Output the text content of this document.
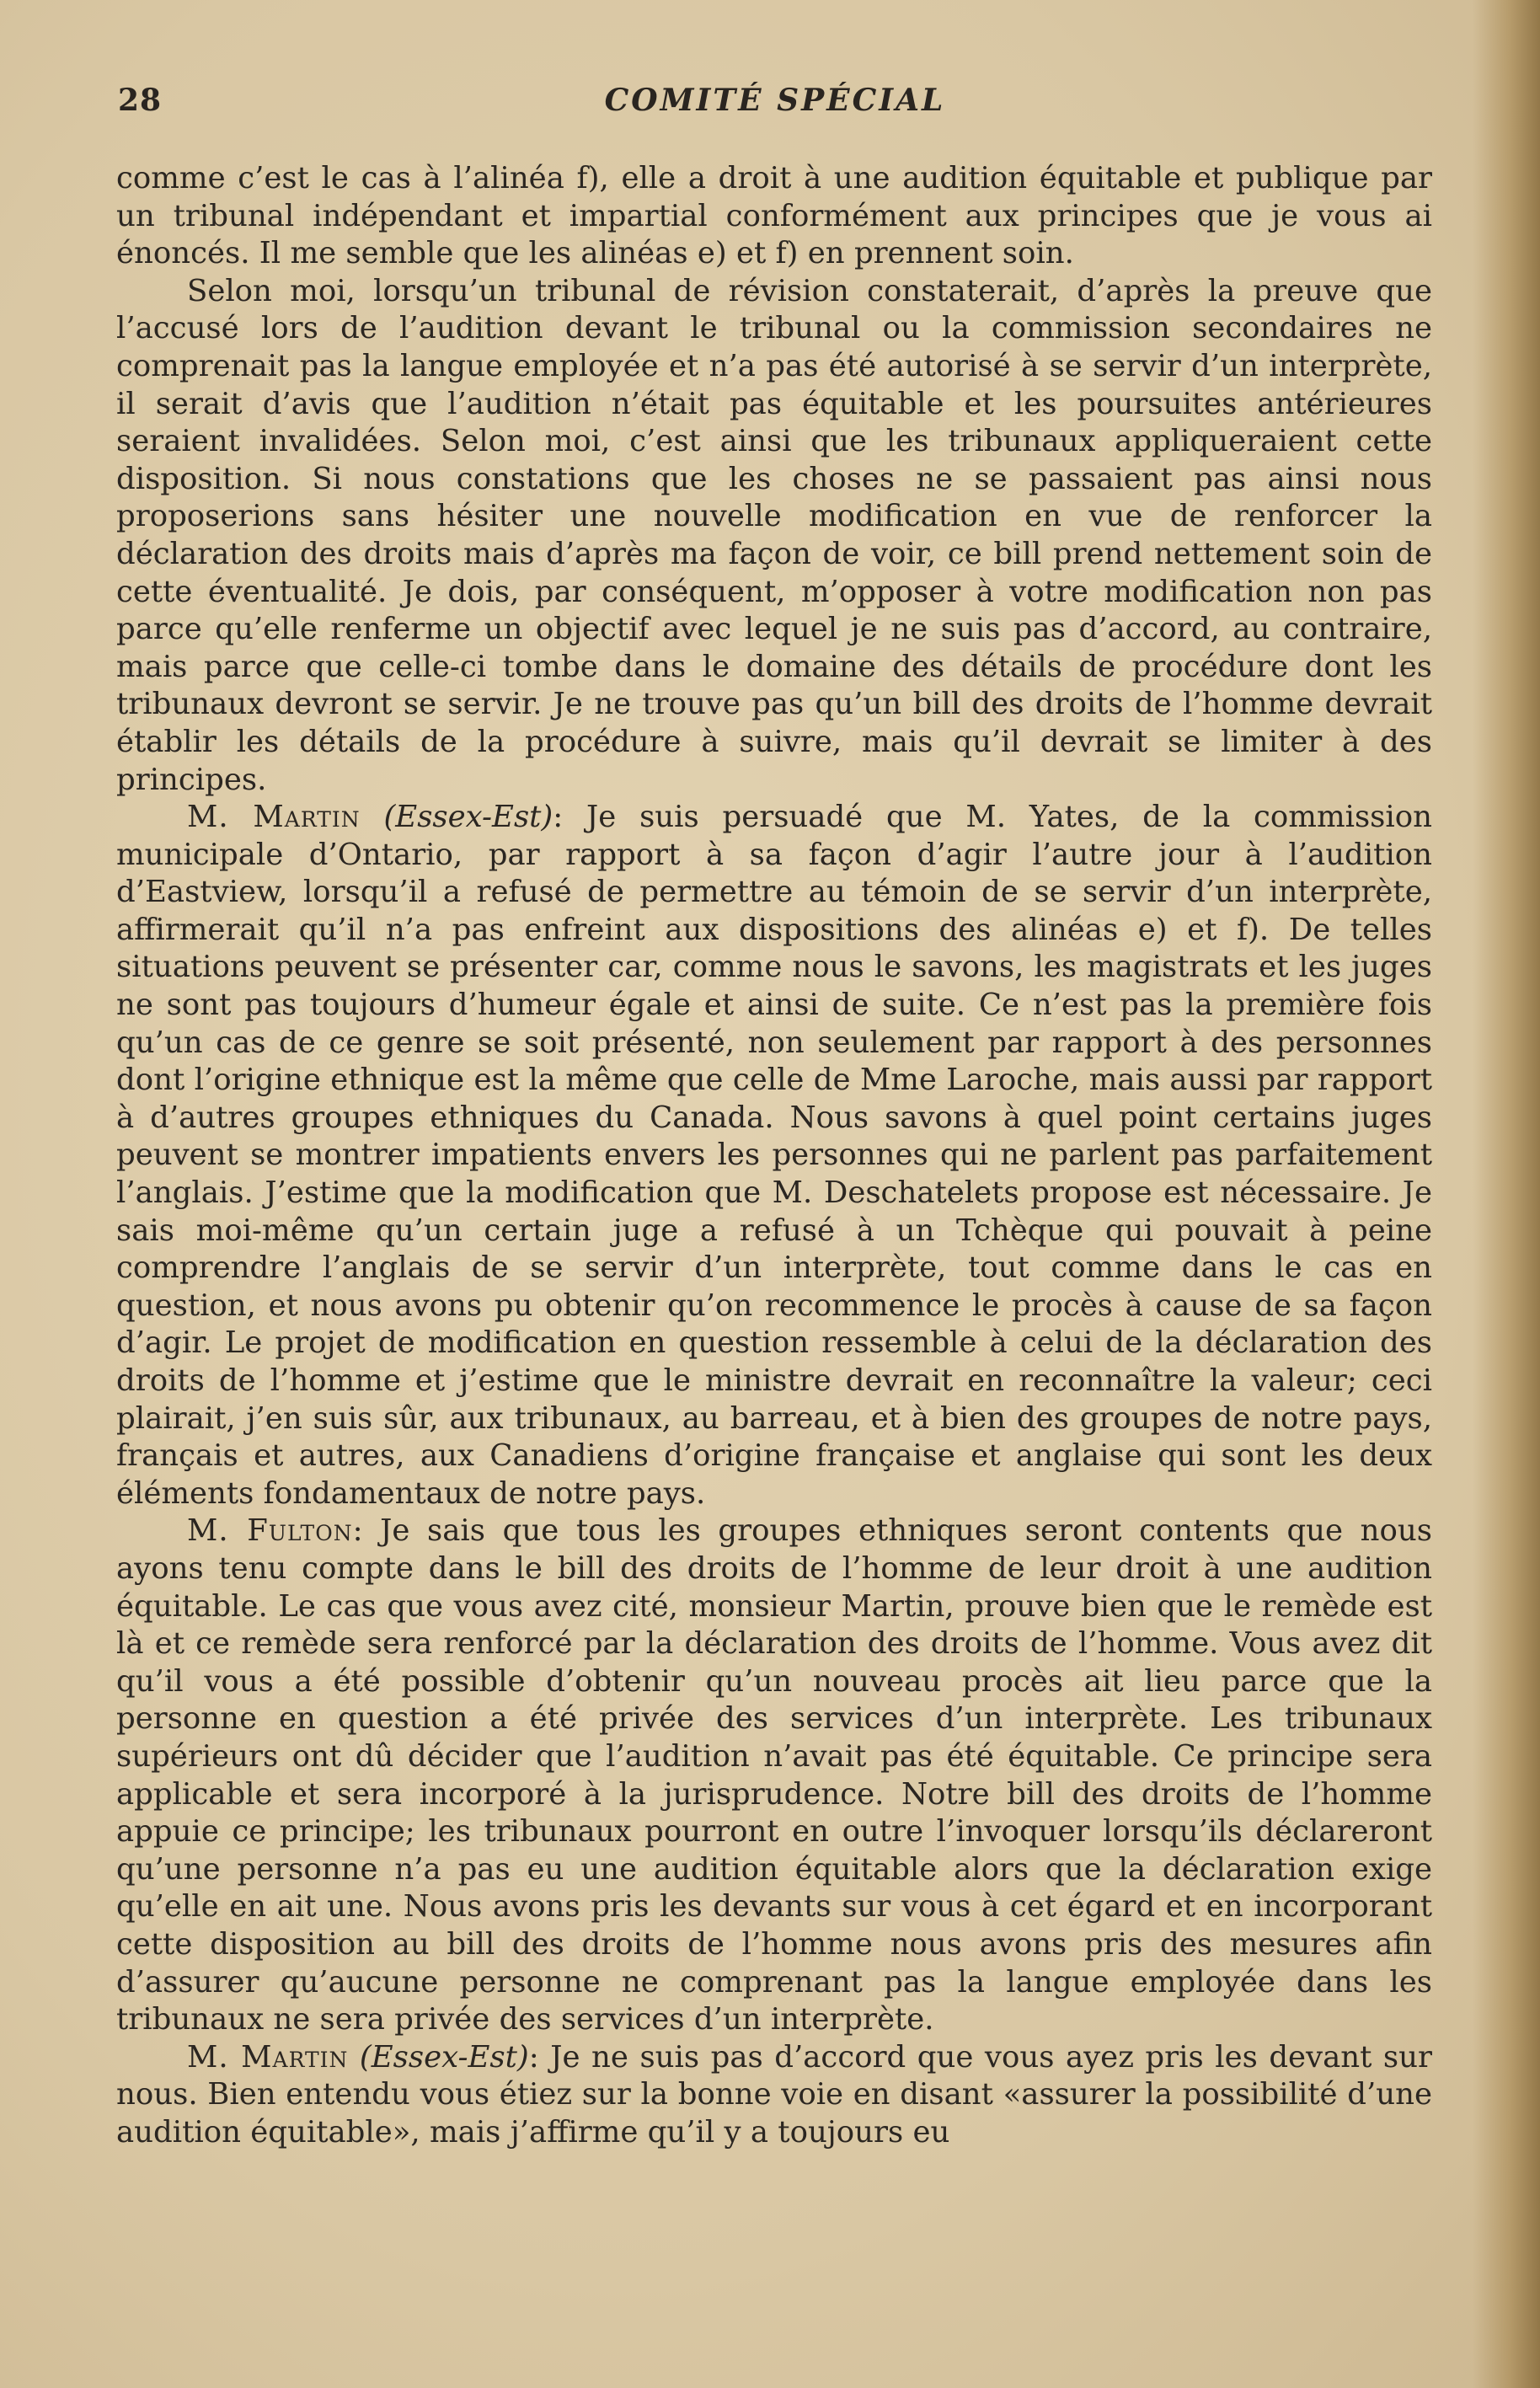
28	COMITÉ SPÉCIAL

comme c’est le cas à l’alinéa f), elle a droit à une audition équitable et publique par un tribunal indépendant et impartial conformément aux principes que je vous ai énoncés. Il me semble que les alinéas e) et f) en prennent soin.

Selon moi, lorsqu’un tribunal de révision constaterait, d’après la preuve que l’accusé lors de l’audition devant le tribunal ou la commission secondaires ne comprenait pas la langue employée et n’a pas été autorisé à se servir d’un interprète, il serait d’avis que l’audition n’était pas équitable et les poursuites antérieures seraient invalidées. Selon moi, c’est ainsi que les tribunaux appliqueraient cette disposition. Si nous constations que les choses ne se passaient pas ainsi nous proposerions sans hésiter une nouvelle modification en vue de renforcer la déclaration des droits mais d’après ma façon de voir, ce bill prend nettement soin de cette éventualité. Je dois, par conséquent, m’opposer à votre modification non pas parce qu’elle renferme un objectif avec lequel je ne suis pas d’accord, au contraire, mais parce que celle-ci tombe dans le domaine des détails de procédure dont les tribunaux devront se servir. Je ne trouve pas qu’un bill des droits de l’homme devrait établir les détails de la procédure à suivre, mais qu’il devrait se limiter à des principes.

M. Martin (Essex-Est): Je suis persuadé que M. Yates, de la commission municipale d’Ontario, par rapport à sa façon d’agir l’autre jour à l’audition d’Eastview, lorsqu’il a refusé de permettre au témoin de se servir d’un interprète, affirmerait qu’il n’a pas enfreint aux dispositions des alinéas e) et f). De telles situations peuvent se présenter car, comme nous le savons, les magistrats et les juges ne sont pas toujours d’humeur égale et ainsi de suite. Ce n’est pas la première fois qu’un cas de ce genre se soit présenté, non seulement par rapport à des personnes dont l’origine ethnique est la même que celle de Mme Laroche, mais aussi par rapport à d’autres groupes ethniques du Canada. Nous savons à quel point certains juges peuvent se montrer impatients envers les personnes qui ne parlent pas parfaitement l’anglais. J’estime que la modification que M. Deschatelets propose est nécessaire. Je sais moi-même qu’un certain juge a refusé à un Tchèque qui pouvait à peine comprendre l’anglais de se servir d’un interprète, tout comme dans le cas en question, et nous avons pu obtenir qu’on recommence le procès à cause de sa façon d’agir. Le projet de modification en question ressemble à celui de la déclaration des droits de l’homme et j’estime que le ministre devrait en reconnaître la valeur; ceci plairait, j’en suis sûr, aux tribunaux, au barreau, et à bien des groupes de notre pays, français et autres, aux Canadiens d’origine française et anglaise qui sont les deux éléments fondamentaux de notre pays.

M. Fulton: Je sais que tous les groupes ethniques seront contents que nous ayons tenu compte dans le bill des droits de l’homme de leur droit à une audition équitable. Le cas que vous avez cité, monsieur Martin, prouve bien que le remède est là et ce remède sera renforcé par la déclaration des droits de l’homme. Vous avez dit qu’il vous a été possible d’obtenir qu’un nouveau procès ait lieu parce que la personne en question a été privée des services d’un interprète. Les tribunaux supérieurs ont dû décider que l’audition n’avait pas été équitable. Ce principe sera applicable et sera incorporé à la jurisprudence. Notre bill des droits de l’homme appuie ce principe; les tribunaux pourront en outre l’invoquer lorsqu’ils déclareront qu’une personne n’a pas eu une audition équitable alors que la déclaration exige qu’elle en ait une. Nous avons pris les devants sur vous à cet égard et en incorporant cette disposition au bill des droits de l’homme nous avons pris des mesures afin d’assurer qu’aucune personne ne comprenant pas la langue employée dans les tribunaux ne sera privée des services d’un interprète.

M. Martin (Essex-Est): Je ne suis pas d’accord que vous ayez pris les devant sur nous. Bien entendu vous étiez sur la bonne voie en disant «assurer la possibilité d’une audition équitable», mais j’affirme qu’il y a toujours eu
